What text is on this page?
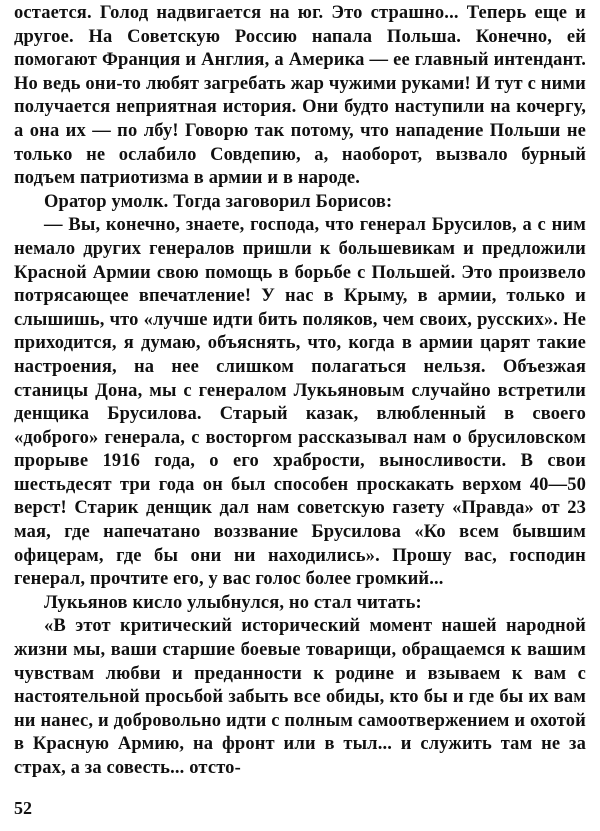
остается. Голод надвигается на юг. Это страшно... Теперь еще и другое. На Советскую Россию напала Польша. Конечно, ей помогают Франция и Англия, а Америка — ее главный интендант. Но ведь они-то любят загребать жар чужими руками! И тут с ними получается неприятная история. Они будто наступили на кочергу, а она их — по лбу! Говорю так потому, что нападение Польши не только не ослабило Совдепию, а, наоборот, вызвало бурный подъем патриотизма в армии и в народе.

Оратор умолк. Тогда заговорил Борисов:

— Вы, конечно, знаете, господа, что генерал Брусилов, а с ним немало других генералов пришли к большевикам и предложили Красной Армии свою помощь в борьбе с Польшей. Это произвело потрясающее впечатление! У нас в Крыму, в армии, только и слышишь, что «лучше идти бить поляков, чем своих, русских». Не приходится, я думаю, объяснять, что, когда в армии царят такие настроения, на нее слишком полагаться нельзя. Объезжая станицы Дона, мы с генералом Лукьяновым случайно встретили денщика Брусилова. Старый казак, влюбленный в своего «доброго» генерала, с восторгом рассказывал нам о брусиловском прорыве 1916 года, о его храбрости, выносливости. В свои шестьдесят три года он был способен проскакать верхом 40—50 верст! Старик денщик дал нам советскую газету «Правда» от 23 мая, где напечатано воззвание Брусилова «Ко всем бывшим офицерам, где бы они ни находились». Прошу вас, господин генерал, прочтите его, у вас голос более громкий...

Лукьянов кисло улыбнулся, но стал читать:

«В этот критический исторический момент нашей народной жизни мы, ваши старшие боевые товарищи, обращаемся к вашим чувствам любви и преданности к родине и взываем к вам с настоятельной просьбой забыть все обиды, кто бы и где бы их вам ни нанес, и добровольно идти с полным самоотвержением и охотой в Красную Армию, на фронт или в тыл... и служить там не за страх, а за совесть... отсто-

52
